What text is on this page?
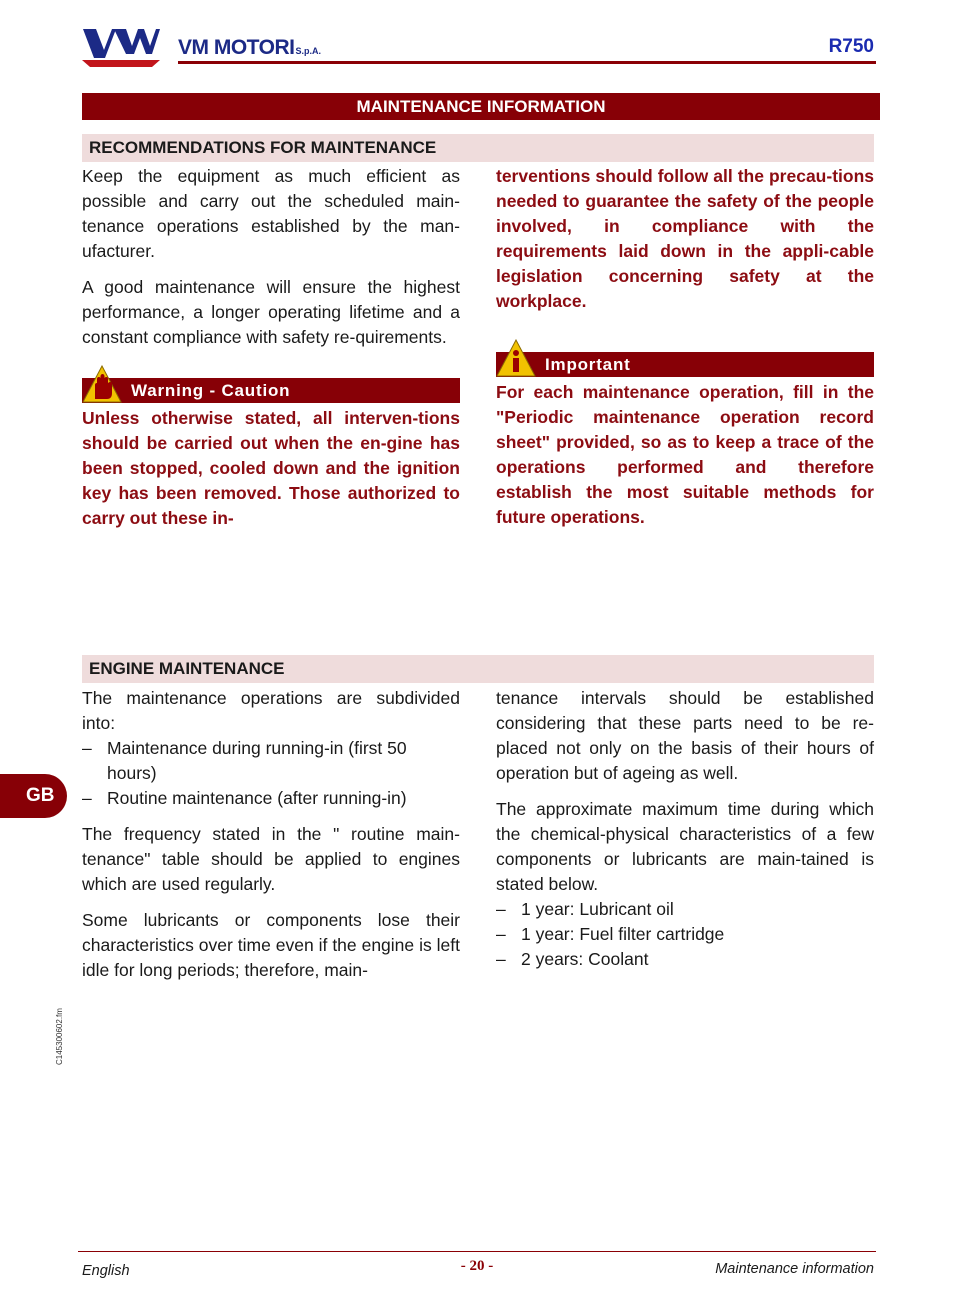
VM MOTORIS.p.A.	R750
MAINTENANCE INFORMATION
RECOMMENDATIONS FOR MAINTENANCE

Keep the equipment as much efficient as possible and carry out the scheduled main-tenance operations established by the man-ufacturer.

A good maintenance will ensure the highest performance, a longer operating lifetime and a constant compliance with safety re-quirements.

Warning - Caution

Unless otherwise stated, all interven-tions should be carried out when the en-gine has been stopped, cooled down and the ignition key has been removed. Those authorized to carry out these in-

terventions should follow all the precau-tions needed to guarantee the safety of the people involved, in compliance with the requirements laid down in the appli-cable legislation concerning safety at the workplace.

Important

For each maintenance operation, fill in the "Periodic maintenance operation record sheet" provided, so as to keep a trace of the operations performed and therefore establish the most suitable methods for future operations.

ENGINE MAINTENANCE

The maintenance operations are subdivided into:

– Maintenance during running-in (first 50 hours)
– Routine maintenance (after running-in)

The frequency stated in the " routine main-tenance" table should be applied to engines which are used regularly.

Some lubricants or components lose their characteristics over time even if the engine is left idle for long periods; therefore, main-

tenance intervals should be established considering that these parts need to be re-placed not only on the basis of their hours of operation but of ageing as well.

The approximate maximum time during which the chemical-physical characteristics of a few components or lubricants are main-tained is stated below.

– 1 year: Lubricant oil
– 1 year: Fuel filter cartridge
– 2 years: Coolant
GB
C145300602.fm
English	- 20 -	Maintenance information
